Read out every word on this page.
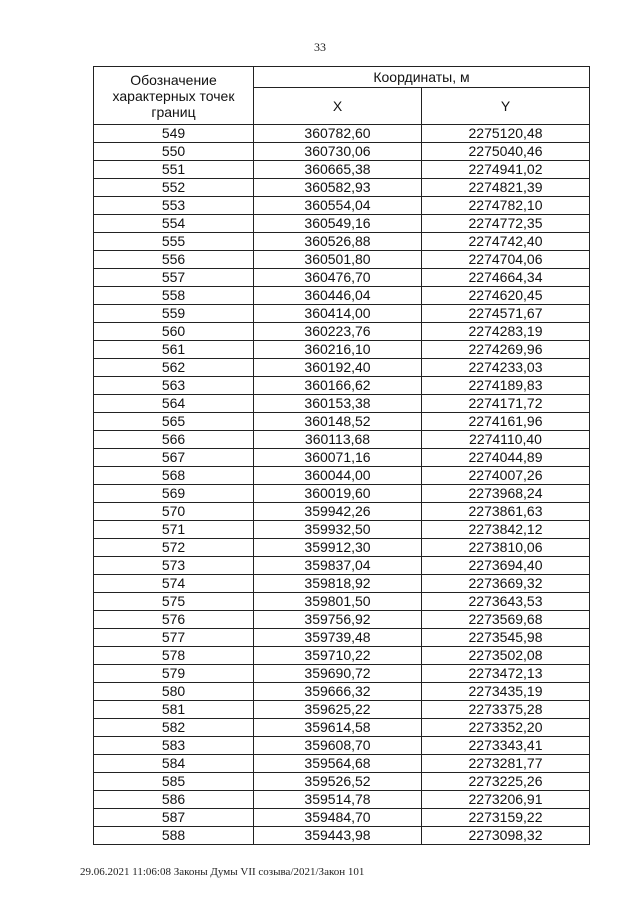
33
Обозначение характерных точек границ	Координаты, м	
	X	Y
549	360782,60	2275120,48
550	360730,06	2275040,46
551	360665,38	2274941,02
552	360582,93	2274821,39
553	360554,04	2274782,10
554	360549,16	2274772,35
555	360526,88	2274742,40
556	360501,80	2274704,06
557	360476,70	2274664,34
558	360446,04	2274620,45
559	360414,00	2274571,67
560	360223,76	2274283,19
561	360216,10	2274269,96
562	360192,40	2274233,03
563	360166,62	2274189,83
564	360153,38	2274171,72
565	360148,52	2274161,96
566	360113,68	2274110,40
567	360071,16	2274044,89
568	360044,00	2274007,26
569	360019,60	2273968,24
570	359942,26	2273861,63
571	359932,50	2273842,12
572	359912,30	2273810,06
573	359837,04	2273694,40
574	359818,92	2273669,32
575	359801,50	2273643,53
576	359756,92	2273569,68
577	359739,48	2273545,98
578	359710,22	2273502,08
579	359690,72	2273472,13
580	359666,32	2273435,19
581	359625,22	2273375,28
582	359614,58	2273352,20
583	359608,70	2273343,41
584	359564,68	2273281,77
585	359526,52	2273225,26
586	359514,78	2273206,91
587	359484,70	2273159,22
588	359443,98	2273098,32
29.06.2021 11:06:08 Законы Думы VII созыва/2021/Закон 101
